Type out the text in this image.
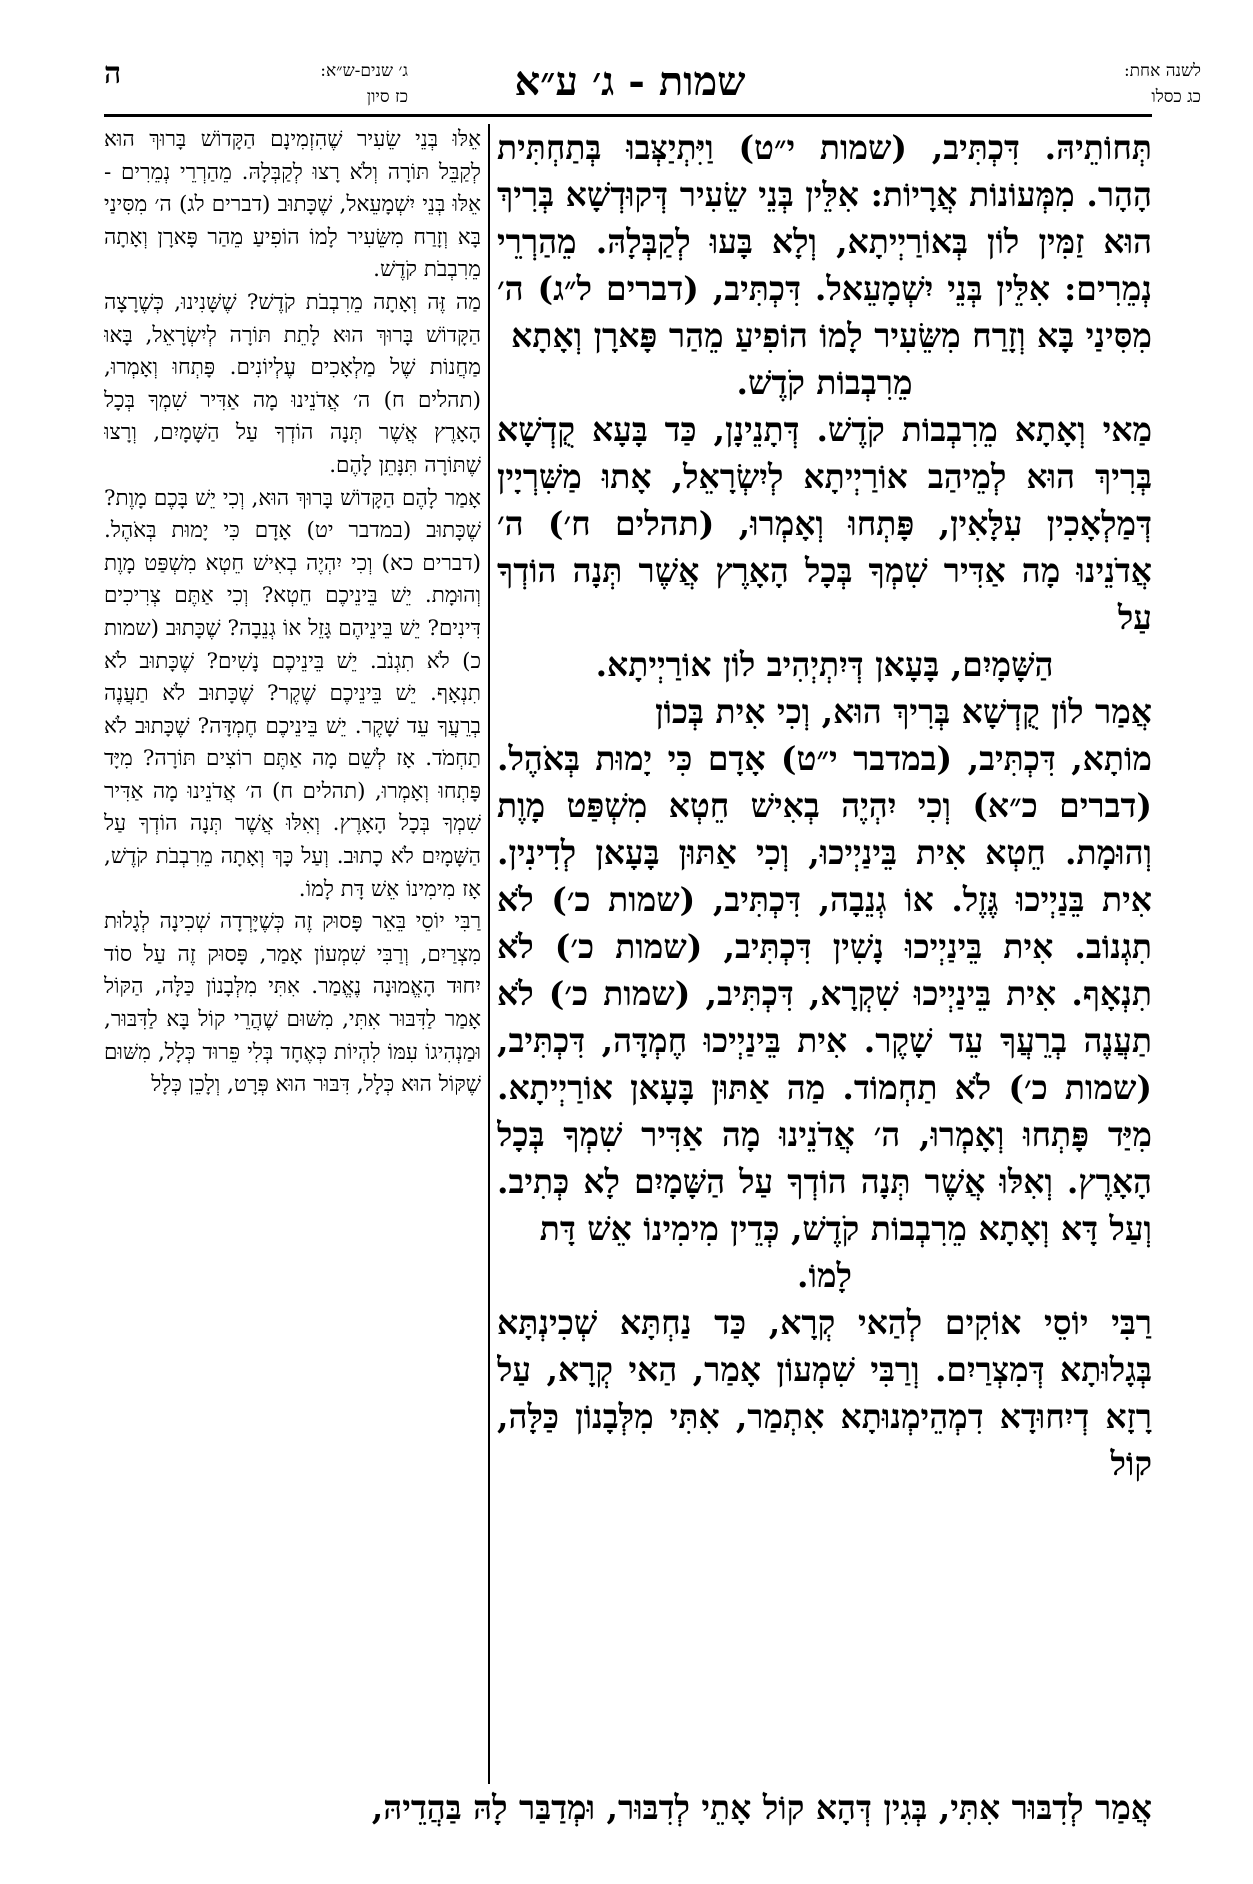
לשנה אחת:
כג כסלו
שמות - ג׳ ע״א
ג׳ שנים-ש״א:
כז סיון
ה

תְּחוֹתֵיהּ. דִּכְתִּיב, (שמות י״ט) וַיִּתְיַצְּבוּ בְּתַחְתִּית הָהָר. מִמְּעוֹנוֹת אֲרָיוֹת: אִלֵּין בְּנֵי שֵׂעִיר דְּקוּדְשָׁא בְּרִיךְ הוּא זַמִּין לוֹן בְּאוֹרַיְיתָא, וְלָא בָּעוּ לְקַבְּלָהּ. מֵהַרְרֵי נְמֵרִים: אִלֵּין בְּנֵי יִשְׁמָעֵאל. דִּכְתִּיב, (דברים ל״ג) ה׳ מִסִּינַי בָּא וְזָרַח מִשֵּׂעִיר לָמוֹ הוֹפִיעַ מֵהַר פָּארָן וְאָתָא

מֵרִבְבוֹת קֹדֶשׁ.

מַאי וְאָתָא מֵרִבְבוֹת קֹדֶשׁ. דְּתָנֵינָן, כַּד בָּעָא קֻדְשָׁא בְּרִיךְ הוּא לְמֵיהַב אוֹרַיְיתָא לְיִשְׂרָאֵל, אָתוּ מַשִּׁרְיָין דְּמַלְאָכִין עִלָּאִין, פָּתְחוּ וְאָמְרוּ, (תהלים ח׳) ה׳ אֲדֹנֵינוּ מָה אַדִּיר שִׁמְךָ בְּכָל הָאָרֶץ אֲשֶׁר תְּנָה הוֹדְךָ עַל

הַשָּׁמָיִם, בָּעָאן דְּיִתְיְהִיב לוֹן אוֹרַיְיתָא.

אֲמַר לוֹן קֻדְשָׁא בְּרִיךְ הוּא, וְכִי אִית בְּכוֹן

מוֹתָא, דִּכְתִּיב, (במדבר י״ט) אָדָם כִּי יָמוּת בְּאֹהֶל. (דברים כ״א) וְכִי יִהְיֶה בְאִישׁ חֵטְא מִשְׁפַּט מָוֶת וְהוּמָת. חֵטְא אִית בֵּינַיְיכוּ, וְכִי אַתּוּן בָּעָאן לְדִינִין. אִית בֵּנַיְיכוּ גֶּזֶל. אוֹ גְנֵבָה, דִּכְתִּיב, (שמות כ׳) לֹא תִגְנוֹב. אִית בֵּינַיְיכוּ נָשִׁין דִּכְתִּיב, (שמות כ׳) לֹא תִנְאָף. אִית בֵּינַיְיכוּ שִׁקְרָא, דִּכְתִּיב, (שמות כ׳) לֹא תַעֲנֶה בְרֵעֲךָ עֵד שָׁקֶר. אִית בֵּינַיְיכוּ חֶמְדָּה, דִּכְתִּיב, (שמות כ׳) לֹא תַחְמוֹד. מַה אַתּוּן בָּעָאן אוֹרַיְיתָא. מִיַּד פָּתְחוּ וְאָמְרוּ, ה׳ אֲדֹנֵינוּ מָה אַדִּיר שִׁמְךָ בְּכָל הָאָרֶץ. וְאִלּוּ אֲשֶׁר תְּנָה הוֹדְךָ עַל הַשָּׁמָיִם לָא כְּתִיב. וְעַל דָּא וְאָתָא מֵרִבְבוֹת קֹדֶשׁ, כְּדֵין מִימִינוֹ אֵשׁ דָּת

לָמוֹ.

רַבִּי יוֹסֵי אוֹקִים לְהַאי קְרָא, כַּד נַחְתָּא שְׁכִינְתָּא בְּגָלוּתָא דְּמִצְרַיִם. וְרַבִּי שִׁמְעוֹן אָמַר, הַאי קְרָא, עַל רָזָא דְיִחוּדָא דִמְהֵימְנוּתָא אִתְמַר, אִתִּי מִלְּבָנוֹן כַּלָּה, קוֹל

אֵלּוּ בְּנֵי שֵׂעִיר שֶׁהִזְמִינָם הַקָּדוֹשׁ בָּרוּךְ הוּא לְקַבֵּל תּוֹרָה וְלֹא רָצוּ לְקַבְּלָהּ. מֵהַרְרֵי נְמֵרִים - אֵלּוּ בְּנֵי יִשְׁמָעֵאל, שֶׁכָּתוּב (דברים לג) ה׳ מִסִּינַי בָּא וְזָרַח מִשֵּׂעִיר לָמוֹ הוֹפִיעַ מֵהַר פָּארָן וְאָתָה מֵרִבְבֹת קֹדֶשׁ.

מַה זֶּה וְאָתָה מֵרִבְבֹת קֹדֶשׁ? שֶׁשָּׁנִינוּ, כְּשֶׁרָצָה הַקָּדוֹשׁ בָּרוּךְ הוּא לָתֵת תּוֹרָה לְיִשְׂרָאֵל, בָּאוּ מַחֲנוֹת שֶׁל מַלְאָכִים עֶלְיוֹנִים. פָּתְחוּ וְאָמְרוּ, (תהלים ח) ה׳ אֲדֹנֵינוּ מָה אַדִּיר שִׁמְךָ בְּכָל הָאָרֶץ אֲשֶׁר תְּנָה הוֹדְךָ עַל הַשָּׁמָיִם, וְרָצוּ שֶׁתּוֹרָה תִּנָּתֵן לָהֶם.

אָמַר לָהֶם הַקָּדוֹשׁ בָּרוּךְ הוּא, וְכִי יֵשׁ בָּכֶם מָוֶת? שֶׁכָּתוּב (במדבר יט) אָדָם כִּי יָמוּת בְּאֹהֶל. (דברים כא) וְכִי יִהְיֶה בְאִישׁ חֵטְא מִשְׁפַּט מָוֶת וְהוּמָת. יֵשׁ בֵּינֵיכֶם חֵטְא? וְכִי אַתֶּם צְרִיכִים דִּינִים? יֵשׁ בֵּינֵיהֶם גָּזֵל אוֹ גְנֵבָה? שֶׁכָּתוּב (שמות כ) לֹא תִגְנֹב. יֵשׁ בֵּינֵיכֶם נָשִׁים? שֶׁכָּתוּב לֹא תִנְאָף. יֵשׁ בֵּינֵיכֶם שֶׁקֶר? שֶׁכָּתוּב לֹא תַעֲנֶה בְרֵעֲךָ עֵד שָׁקֶר. יֵשׁ בֵּינֵיכֶם חֶמְדָּה? שֶׁכָּתוּב לֹא תַחְמֹד. אָז לְשֵׁם מָה אַתֶּם רוֹצִים תּוֹרָה? מִיָּד פָּתְחוּ וְאָמְרוּ, (תהלים ח) ה׳ אֲדֹנֵינוּ מָה אַדִּיר שִׁמְךָ בְּכָל הָאָרֶץ. וְאִלּוּ אֲשֶׁר תְּנָה הוֹדְךָ עַל הַשָּׁמָיִם לֹא כָתוּב. וְעַל כָּךְ וְאָתָה מֵרִבְבֹת קֹדֶשׁ, אָז מִימִינוֹ אֵשׁ דָּת לָמוֹ.

רַבִּי יוֹסֵי בֵּאֵר פָּסוּק זֶה כְּשֶׁיָּרְדָה שְׁכִינָה לְגָלוּת מִצְרַיִם, וְרַבִּי שִׁמְעוֹן אָמַר, פָּסוּק זֶה עַל סוֹד יִחוּד הָאֱמוּנָה נֶאֱמַר. אִתִּי מִלְּבָנוֹן כַּלָּה, הַקּוֹל אָמַר לַדִּבּוּר אִתִּי, מִשּׁוּם שֶׁהֲרֵי קוֹל בָּא לַדִּבּוּר, וּמַנְהִיגוֹ עִמּוֹ לִהְיוֹת כְּאֶחָד בְּלִי פֵּרוּד כְּלָל, מִשּׁוּם שֶׁקּוֹל הוּא כְּלָל, דִּבּוּר הוּא פְּרָט, וְלָכֵן כְּלָל

אֲמַר לְדִבּוּר אִתִּי, בְּגִין דְּהָא קוֹל אָתֵי לְדִבּוּר, וּמְדַבַּר לָהּ בַּהֲדֵיהּ,
